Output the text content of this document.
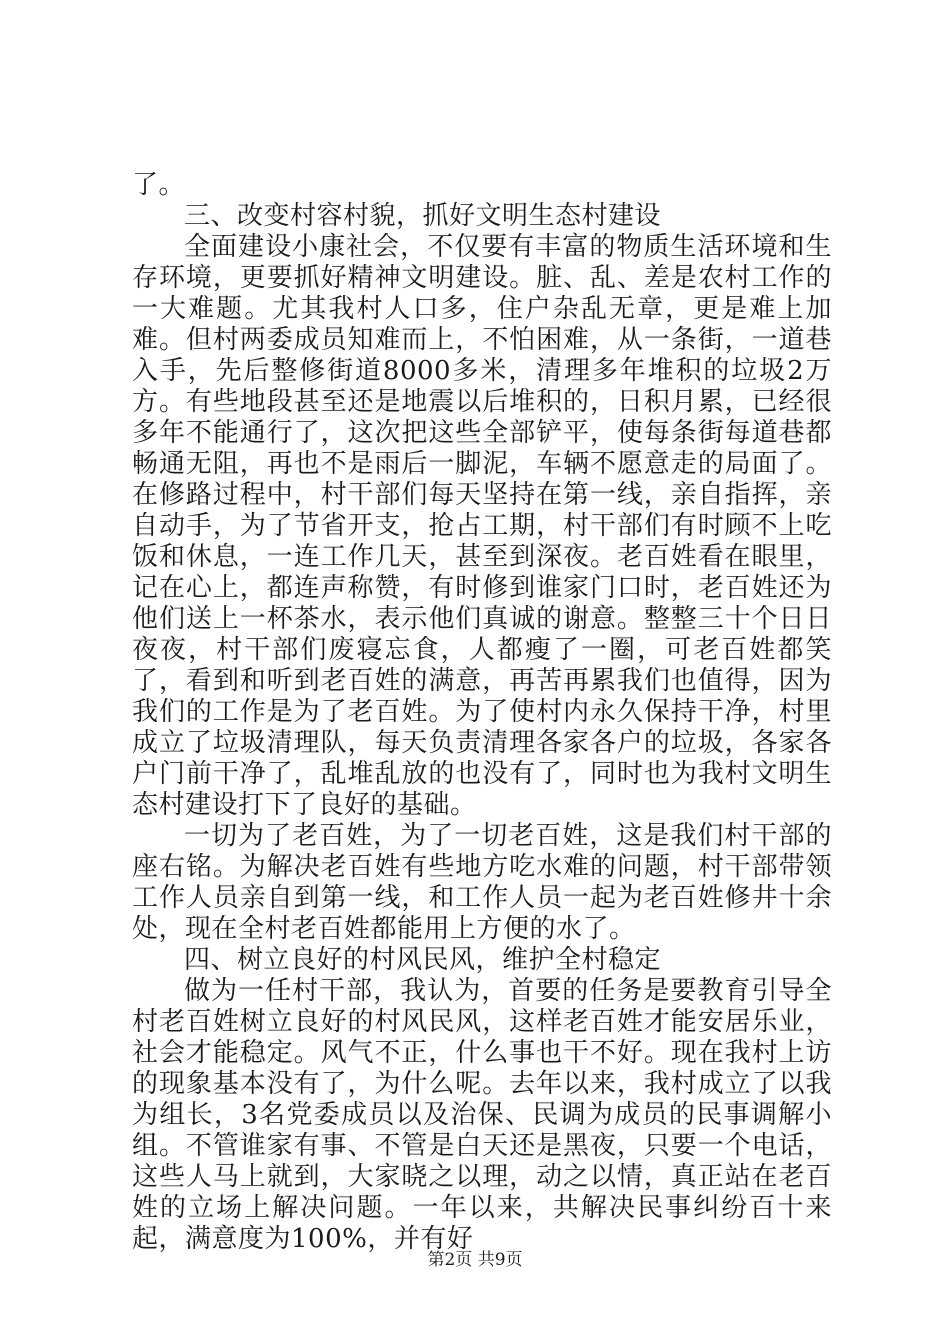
了。

三、改变村容村貌，抓好文明生态村建设

全面建设小康社会，不仅要有丰富的物质生活环境和生存环境，更要抓好精神文明建设。脏、乱、差是农村工作的一大难题。尤其我村人口多，住户杂乱无章，更是难上加难。但村两委成员知难而上，不怕困难，从一条街，一道巷入手，先后整修街道8000多米，清理多年堆积的垃圾2万方。有些地段甚至还是地震以后堆积的，日积月累，已经很多年不能通行了，这次把这些全部铲平，使每条街每道巷都畅通无阻，再也不是雨后一脚泥，车辆不愿意走的局面了。在修路过程中，村干部们每天坚持在第一线，亲自指挥，亲自动手，为了节省开支，抢占工期，村干部们有时顾不上吃饭和休息，一连工作几天，甚至到深夜。老百姓看在眼里，记在心上，都连声称赞，有时修到谁家门口时，老百姓还为他们送上一杯茶水，表示他们真诚的谢意。整整三十个日日夜夜，村干部们废寝忘食，人都瘦了一圈，可老百姓都笑了，看到和听到老百姓的满意，再苦再累我们也值得，因为我们的工作是为了老百姓。为了使村内永久保持干净，村里成立了垃圾清理队，每天负责清理各家各户的垃圾，各家各户门前干净了，乱堆乱放的也没有了，同时也为我村文明生态村建设打下了良好的基础。

一切为了老百姓，为了一切老百姓，这是我们村干部的座右铭。为解决老百姓有些地方吃水难的问题，村干部带领工作人员亲自到第一线，和工作人员一起为老百姓修井十余处，现在全村老百姓都能用上方便的水了。

四、树立良好的村风民风，维护全村稳定

做为一任村干部，我认为，首要的任务是要教育引导全村老百姓树立良好的村风民风，这样老百姓才能安居乐业，社会才能稳定。风气不正，什么事也干不好。现在我村上访的现象基本没有了，为什么呢。去年以来，我村成立了以我为组长，3名党委成员以及治保、民调为成员的民事调解小组。不管谁家有事、不管是白天还是黑夜，只要一个电话，这些人马上就到，大家晓之以理，动之以情，真正站在老百姓的立场上解决问题。一年以来，共解决民事纠纷百十来起，满意度为100%，并有好

第2页 共9页
